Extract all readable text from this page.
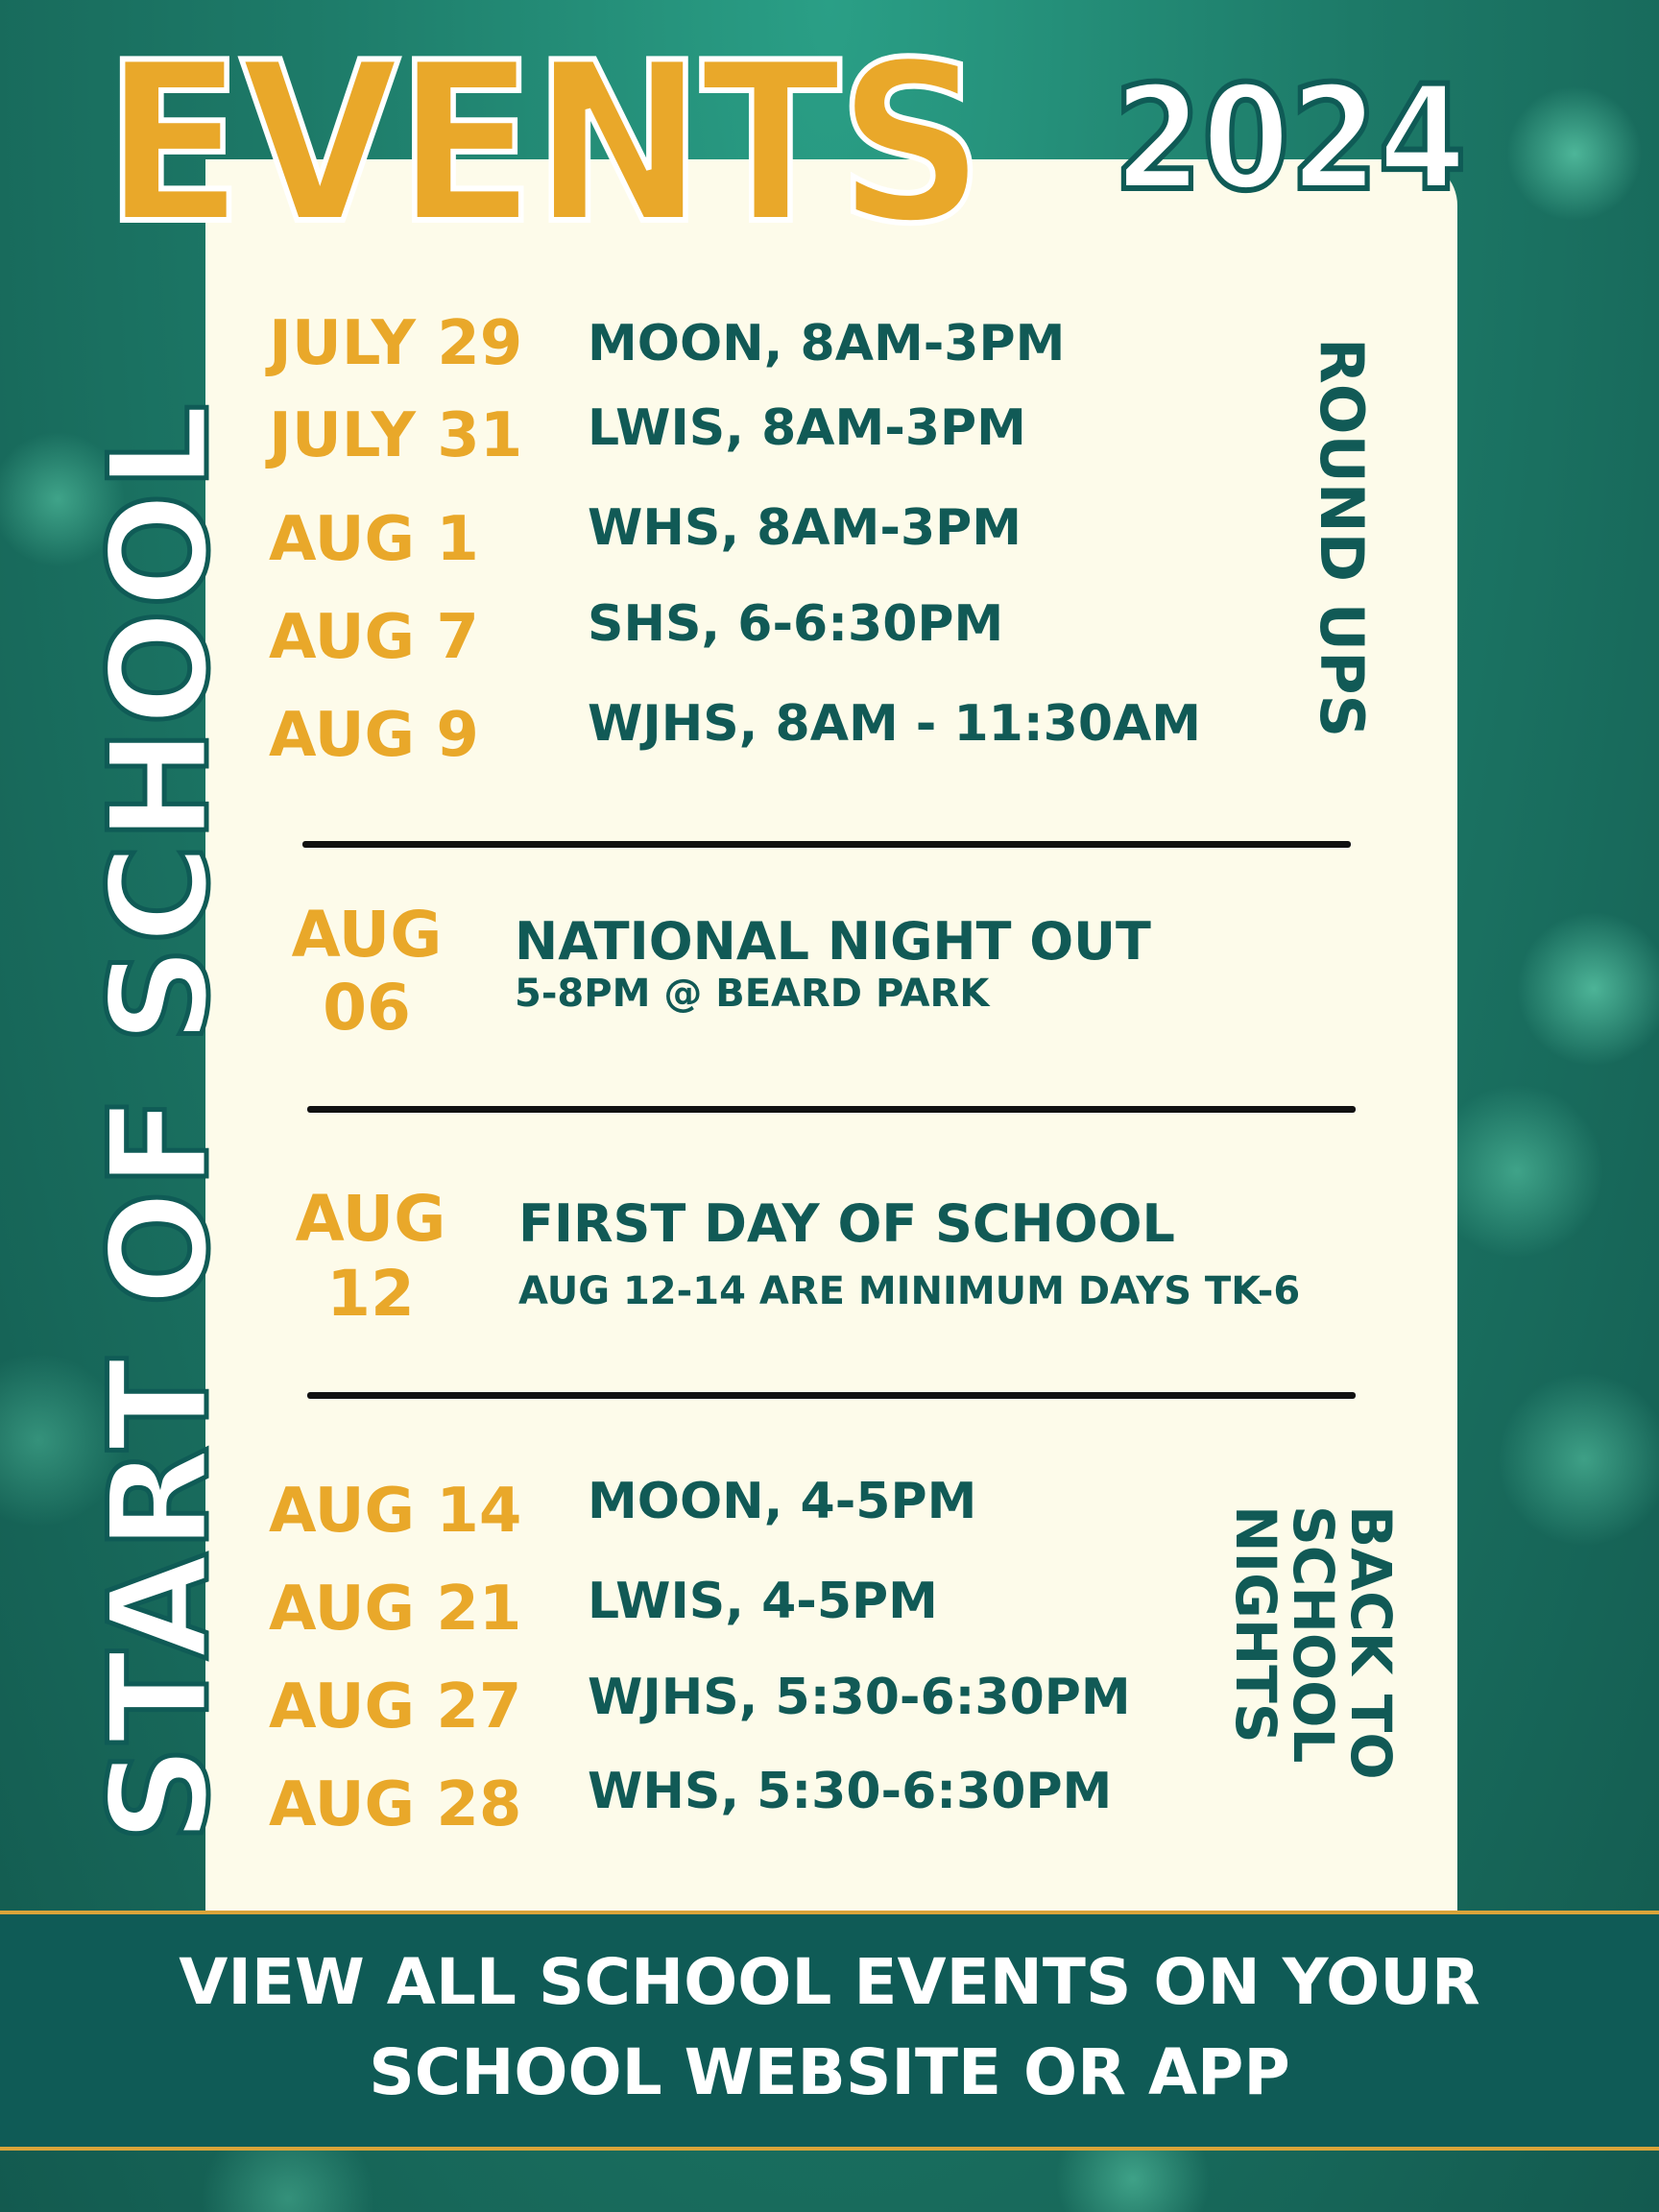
EVENTS 2024
START OF SCHOOL
JULY 29 MOON, 8AM-3PM
JULY 31 LWIS, 8AM-3PM
AUG 1 WHS, 8AM-3PM
AUG 7 SHS, 6-6:30PM
AUG 9 WJHS, 8AM - 11:30AM ROUND UPS
AUG
06
NATIONAL NIGHT OUT
5-8PM @ BEARD PARK
AUG
12
FIRST DAY OF SCHOOL
AUG 12-14 ARE MINIMUM DAYS TK-6
AUG 14 MOON, 4-5PM
AUG 21 LWIS, 4-5PM
AUG 27 WJHS, 5:30-6:30PM
AUG 28 WHS, 5:30-6:30PM
BACK TO
SCHOOL
NIGHTS

VIEW ALL SCHOOL EVENTS ON YOUR

SCHOOL WEBSITE OR APP
